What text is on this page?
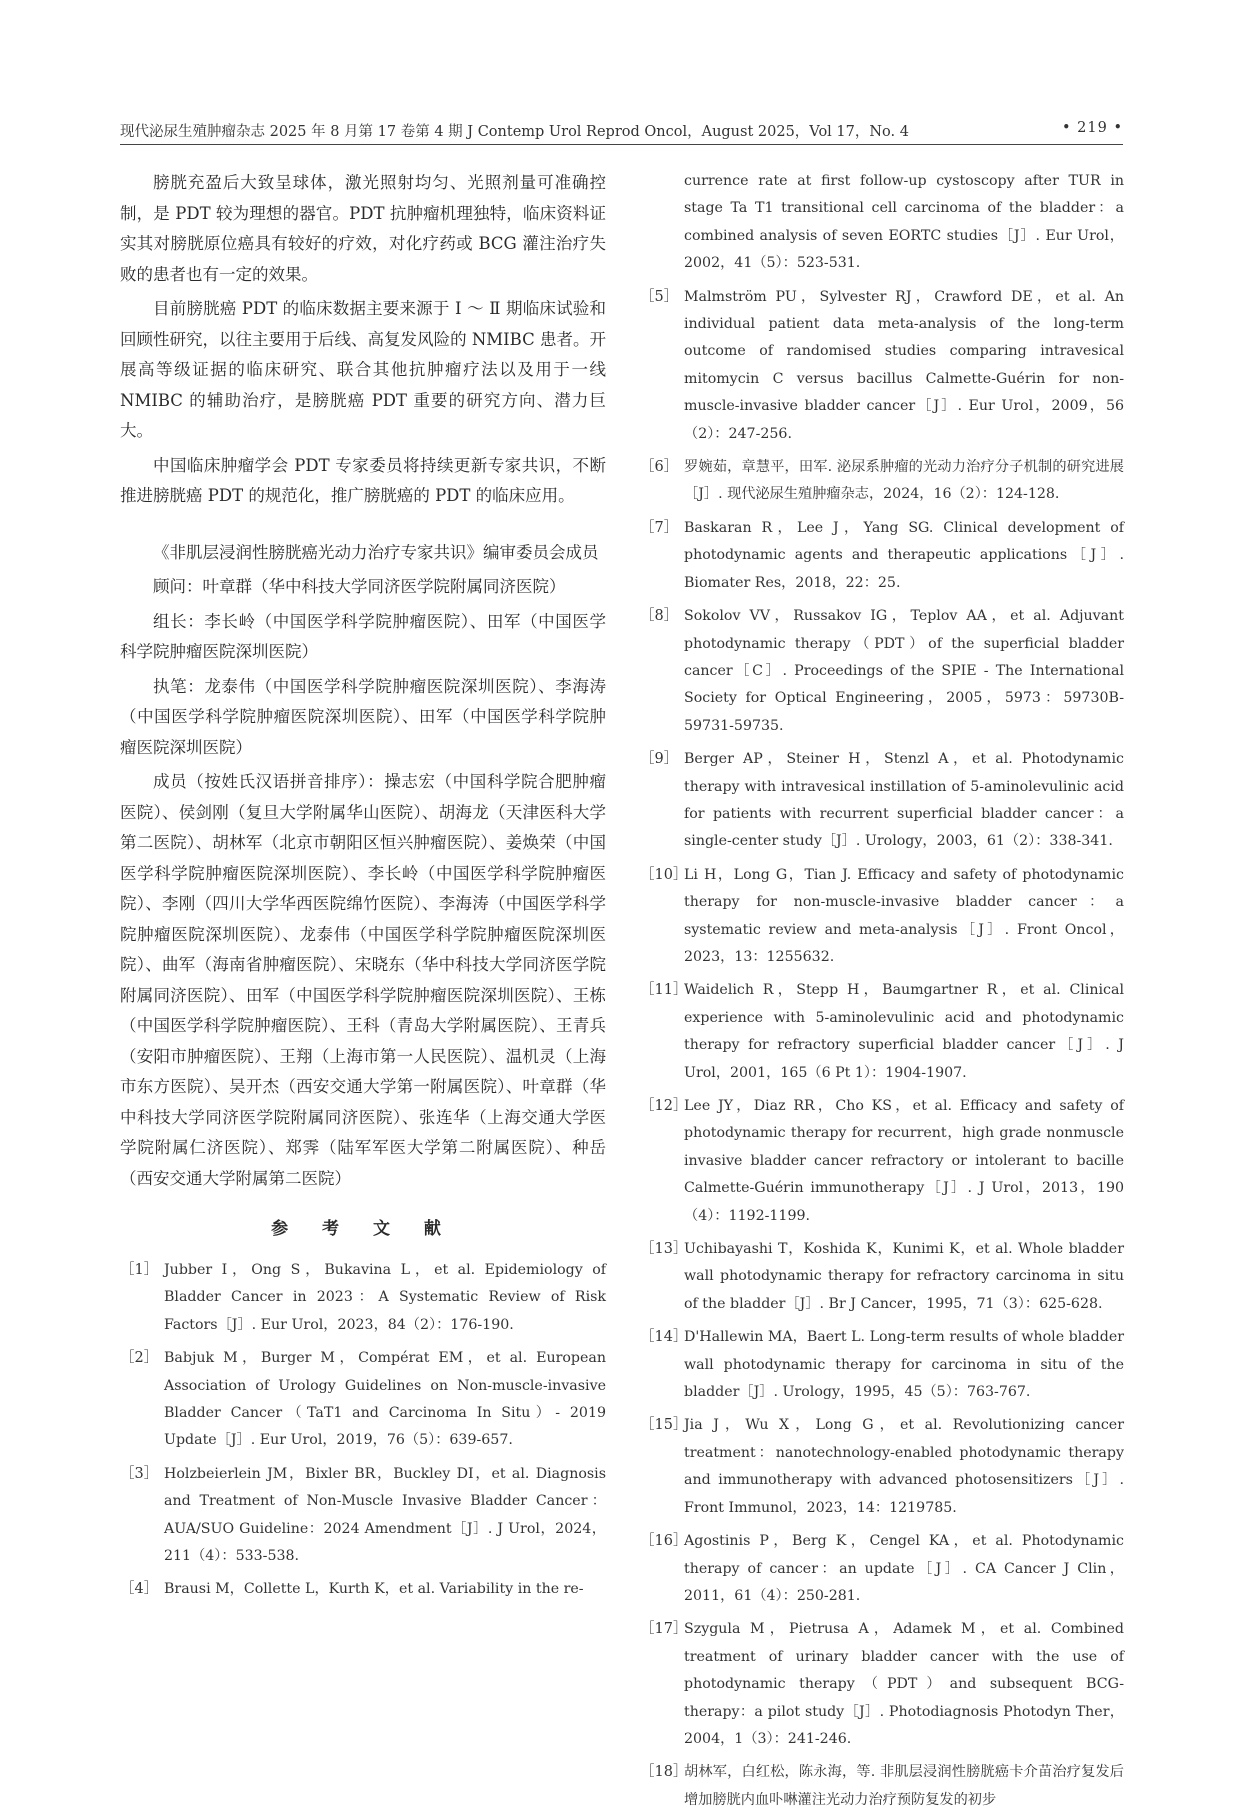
现代泌尿生殖肿瘤杂志 2025 年 8 月第 17 卷第 4 期 J Contemp Urol Reprod Oncol，August 2025，Vol 17，No. 4	• 219 •

膀胱充盈后大致呈球体，激光照射均匀、光照剂量可准确控制，是 PDT 较为理想的器官。PDT 抗肿瘤机理独特，临床资料证实其对膀胱原位癌具有较好的疗效，对化疗药或 BCG 灌注治疗失败的患者也有一定的效果。

目前膀胱癌 PDT 的临床数据主要来源于 Ⅰ ～ Ⅱ 期临床试验和回顾性研究，以往主要用于后线、高复发风险的 NMIBC 患者。开展高等级证据的临床研究、联合其他抗肿瘤疗法以及用于一线 NMIBC 的辅助治疗，是膀胱癌 PDT 重要的研究方向、潜力巨大。

中国临床肿瘤学会 PDT 专家委员将持续更新专家共识，不断推进膀胱癌 PDT 的规范化，推广膀胱癌的 PDT 的临床应用。

《非肌层浸润性膀胱癌光动力治疗专家共识》编审委员会成员

顾问：叶章群（华中科技大学同济医学院附属同济医院）

组长：李长岭（中国医学科学院肿瘤医院）、田军（中国医学科学院肿瘤医院深圳医院）

执笔：龙泰伟（中国医学科学院肿瘤医院深圳医院）、李海涛（中国医学科学院肿瘤医院深圳医院）、田军（中国医学科学院肿瘤医院深圳医院）

成员（按姓氏汉语拼音排序）：操志宏（中国科学院合肥肿瘤医院）、侯剑刚（复旦大学附属华山医院）、胡海龙（天津医科大学第二医院）、胡林军（北京市朝阳区恒兴肿瘤医院）、姜焕荣（中国医学科学院肿瘤医院深圳医院）、李长岭（中国医学科学院肿瘤医院）、李刚（四川大学华西医院绵竹医院）、李海涛（中国医学科学院肿瘤医院深圳医院）、龙泰伟（中国医学科学院肿瘤医院深圳医院）、曲军（海南省肿瘤医院）、宋晓东（华中科技大学同济医学院附属同济医院）、田军（中国医学科学院肿瘤医院深圳医院）、王栋（中国医学科学院肿瘤医院）、王科（青岛大学附属医院）、王青兵（安阳市肿瘤医院）、王翔（上海市第一人民医院）、温机灵（上海市东方医院）、吴开杰（西安交通大学第一附属医院）、叶章群（华中科技大学同济医学院附属同济医院）、张连华（上海交通大学医学院附属仁济医院）、郑霁（陆军军医大学第二附属医院）、种岳（西安交通大学附属第二医院）

参 考 文 献
［1］ Jubber I，Ong S，Bukavina L，et al. Epidemiology of Bladder Cancer in 2023：A Systematic Review of Risk Factors［J］. Eur Urol，2023，84（2）：176-190.
［2］ Babjuk M，Burger M，Compérat EM，et al. European Association of Urology Guidelines on Non-muscle-invasive Bladder Cancer（TaT1 and Carcinoma In Situ）- 2019 Update［J］. Eur Urol，2019，76（5）：639-657.
［3］ Holzbeierlein JM，Bixler BR，Buckley DI，et al. Diagnosis and Treatment of Non-Muscle Invasive Bladder Cancer：AUA/SUO Guideline：2024 Amendment［J］. J Urol，2024，211（4）：533-538.
［4］ Brausi M，Collette L，Kurth K，et al. Variability in the re-
currence rate at first follow-up cystoscopy after TUR in stage Ta T1 transitional cell carcinoma of the bladder：a combined analysis of seven EORTC studies［J］. Eur Urol，2002，41（5）：523-531.
［5］ Malmström PU，Sylvester RJ，Crawford DE，et al. An individual patient data meta-analysis of the long-term outcome of randomised studies comparing intravesical mitomycin C versus bacillus Calmette-Guérin for non-muscle-invasive bladder cancer［J］. Eur Urol，2009，56（2）：247-256.
［6］ 罗婉茹，章慧平，田军. 泌尿系肿瘤的光动力治疗分子机制的研究进展［J］. 现代泌尿生殖肿瘤杂志，2024，16（2）：124-128.
［7］ Baskaran R，Lee J，Yang SG. Clinical development of photodynamic agents and therapeutic applications［J］. Biomater Res，2018，22：25.
［8］ Sokolov VV，Russakov IG，Teplov AA，et al. Adjuvant photodynamic therapy（PDT）of the superficial bladder cancer［C］. Proceedings of the SPIE - The International Society for Optical Engineering，2005，5973：59730B-59731-59735.
［9］ Berger AP，Steiner H，Stenzl A，et al. Photodynamic therapy with intravesical instillation of 5-aminolevulinic acid for patients with recurrent superficial bladder cancer：a single-center study［J］. Urology，2003，61（2）：338-341.
［10］
Li H，Long G，Tian J. Efficacy and safety of photodynamic therapy for non-muscle-invasive bladder cancer：a systematic review and meta-analysis［J］. Front Oncol，2023，13：1255632.
［11］
Waidelich R，Stepp H，Baumgartner R，et al. Clinical experience with 5-aminolevulinic acid and photodynamic therapy for refractory superficial bladder cancer［J］. J Urol，2001，165（6 Pt 1）：1904-1907.
［12］
Lee JY，Diaz RR，Cho KS，et al. Efficacy and safety of photodynamic therapy for recurrent，high grade nonmuscle invasive bladder cancer refractory or intolerant to bacille Calmette-Guérin immunotherapy［J］. J Urol，2013，190（4）：1192-1199.
［13］
Uchibayashi T，Koshida K，Kunimi K，et al. Whole bladder wall photodynamic therapy for refractory carcinoma in situ of the bladder［J］. Br J Cancer，1995，71（3）：625-628.
［14］
D'Hallewin MA，Baert L. Long-term results of whole bladder wall photodynamic therapy for carcinoma in situ of the bladder［J］. Urology，1995，45（5）：763-767.
［15］
Jia J，Wu X，Long G，et al. Revolutionizing cancer treatment：nanotechnology-enabled photodynamic therapy and immunotherapy with advanced photosensitizers［J］. Front Immunol，2023，14：1219785.
［16］
Agostinis P，Berg K，Cengel KA，et al. Photodynamic therapy of cancer：an update［J］. CA Cancer J Clin，2011，61（4）：250-281.
［17］
Szygula M，Pietrusa A，Adamek M，et al. Combined treatment of urinary bladder cancer with the use of photodynamic therapy（PDT）and subsequent BCG-therapy：a pilot study［J］. Photodiagnosis Photodyn Ther，2004，1（3）：241-246.
［18］
胡林军，白红松，陈永海，等. 非肌层浸润性膀胱癌卡介苗治疗复发后增加膀胱内血卟啉灌注光动力治疗预防复发的初步
